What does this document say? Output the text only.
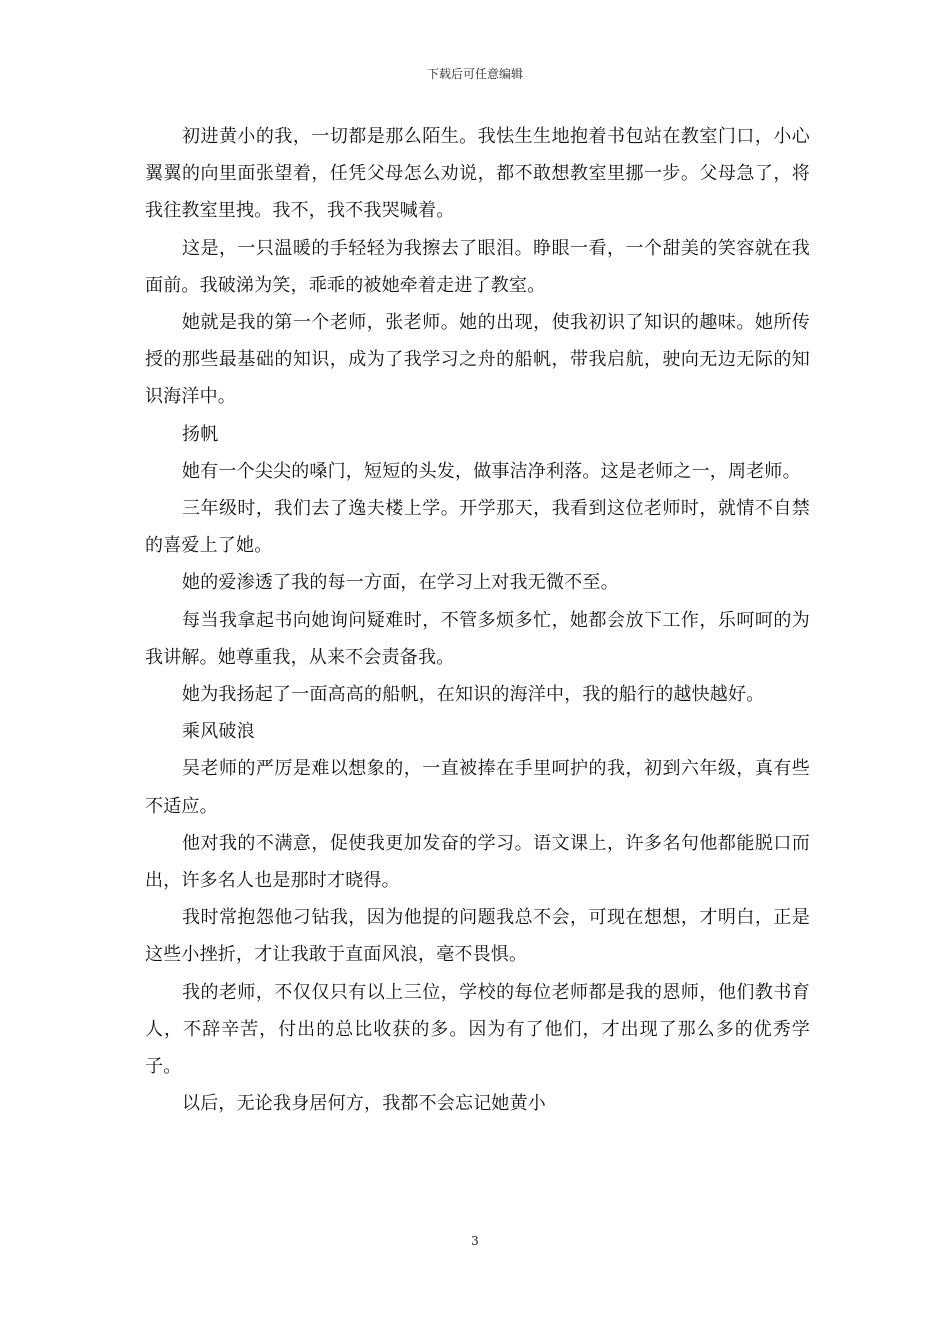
下载后可任意编辑

初进黄小的我，一切都是那么陌生。我怯生生地抱着书包站在教室门口，小心翼翼的向里面张望着，任凭父母怎么劝说，都不敢想教室里挪一步。父母急了，将我往教室里拽。我不，我不我哭喊着。

这是，一只温暖的手轻轻为我擦去了眼泪。睁眼一看，一个甜美的笑容就在我面前。我破涕为笑，乖乖的被她牵着走进了教室。

她就是我的第一个老师，张老师。她的出现，使我初识了知识的趣味。她所传授的那些最基础的知识，成为了我学习之舟的船帆，带我启航，驶向无边无际的知识海洋中。

扬帆

她有一个尖尖的嗓门，短短的头发，做事洁净利落。这是老师之一，周老师。

三年级时，我们去了逸夫楼上学。开学那天，我看到这位老师时，就情不自禁的喜爱上了她。

她的爱渗透了我的每一方面，在学习上对我无微不至。

每当我拿起书向她询问疑难时，不管多烦多忙，她都会放下工作，乐呵呵的为我讲解。她尊重我，从来不会责备我。

她为我扬起了一面高高的船帆，在知识的海洋中，我的船行的越快越好。

乘风破浪

吴老师的严厉是难以想象的，一直被捧在手里呵护的我，初到六年级，真有些不适应。

他对我的不满意，促使我更加发奋的学习。语文课上，许多名句他都能脱口而出，许多名人也是那时才晓得。

我时常抱怨他刁钻我，因为他提的问题我总不会，可现在想想，才明白，正是这些小挫折，才让我敢于直面风浪，毫不畏惧。

我的老师，不仅仅只有以上三位，学校的每位老师都是我的恩师，他们教书育人，不辞辛苦，付出的总比收获的多。因为有了他们，才出现了那么多的优秀学子。

以后，无论我身居何方，我都不会忘记她黄小

3
